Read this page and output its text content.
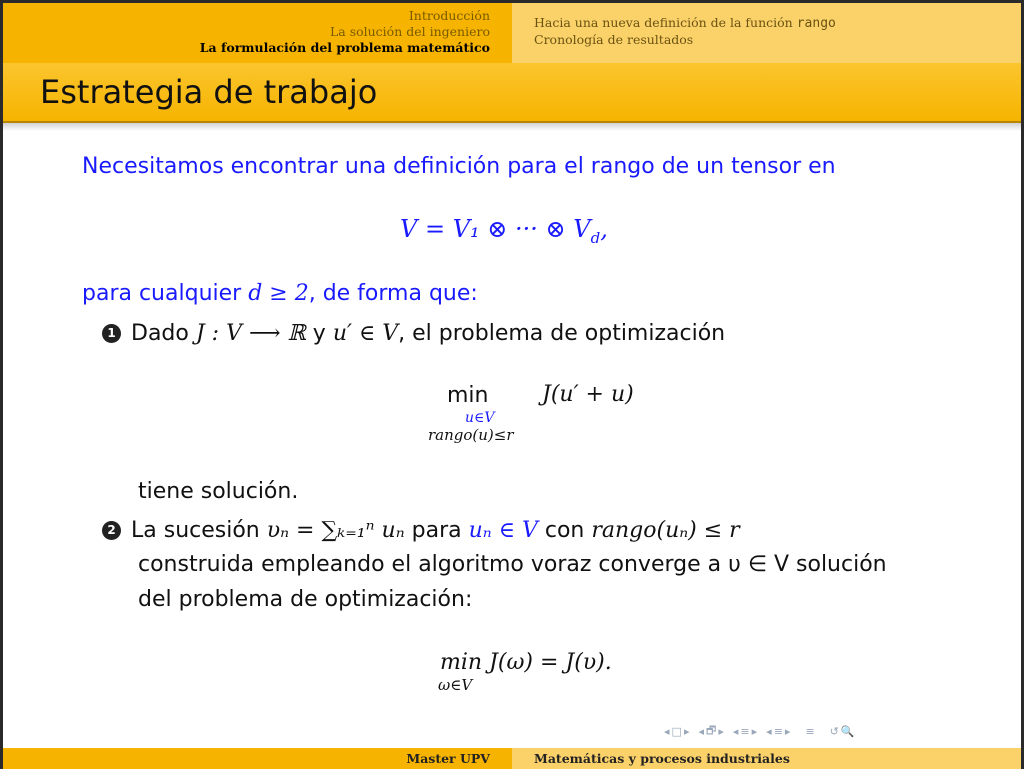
Introducción
La solución del ingeniero
La formulación del problema matemático
Hacia una nueva definición de la función rango
Cronología de resultados
Estrategia de trabajo
Necesitamos encontrar una definición para el rango de un tensor en
V = V₁ ⊗ ··· ⊗ $V_d$,
para cualquier d ≥ 2, de forma que:
1 Dado J : V ⟶ ℝ y u′ ∈ V, el problema de optimización
min
u∈V
rango(u)≤r
J(u′ + u)
tiene solución.
2 La sucesión υₙ = ∑ₖ₌₁ⁿ uₙ para uₙ ∈ V con rango(uₙ) ≤ r
construida empleando el algoritmo voraz converge a υ ∈ V solución
del problema de optimización:
min J(ω) = J(υ).
ω∈V
◂ □ ▸ ◂ 🗗 ▸ ◂ ≡ ▸ ◂ ≡ ▸ ≡ ↺ 🔍
Master UPV	Matemáticas y procesos industriales
